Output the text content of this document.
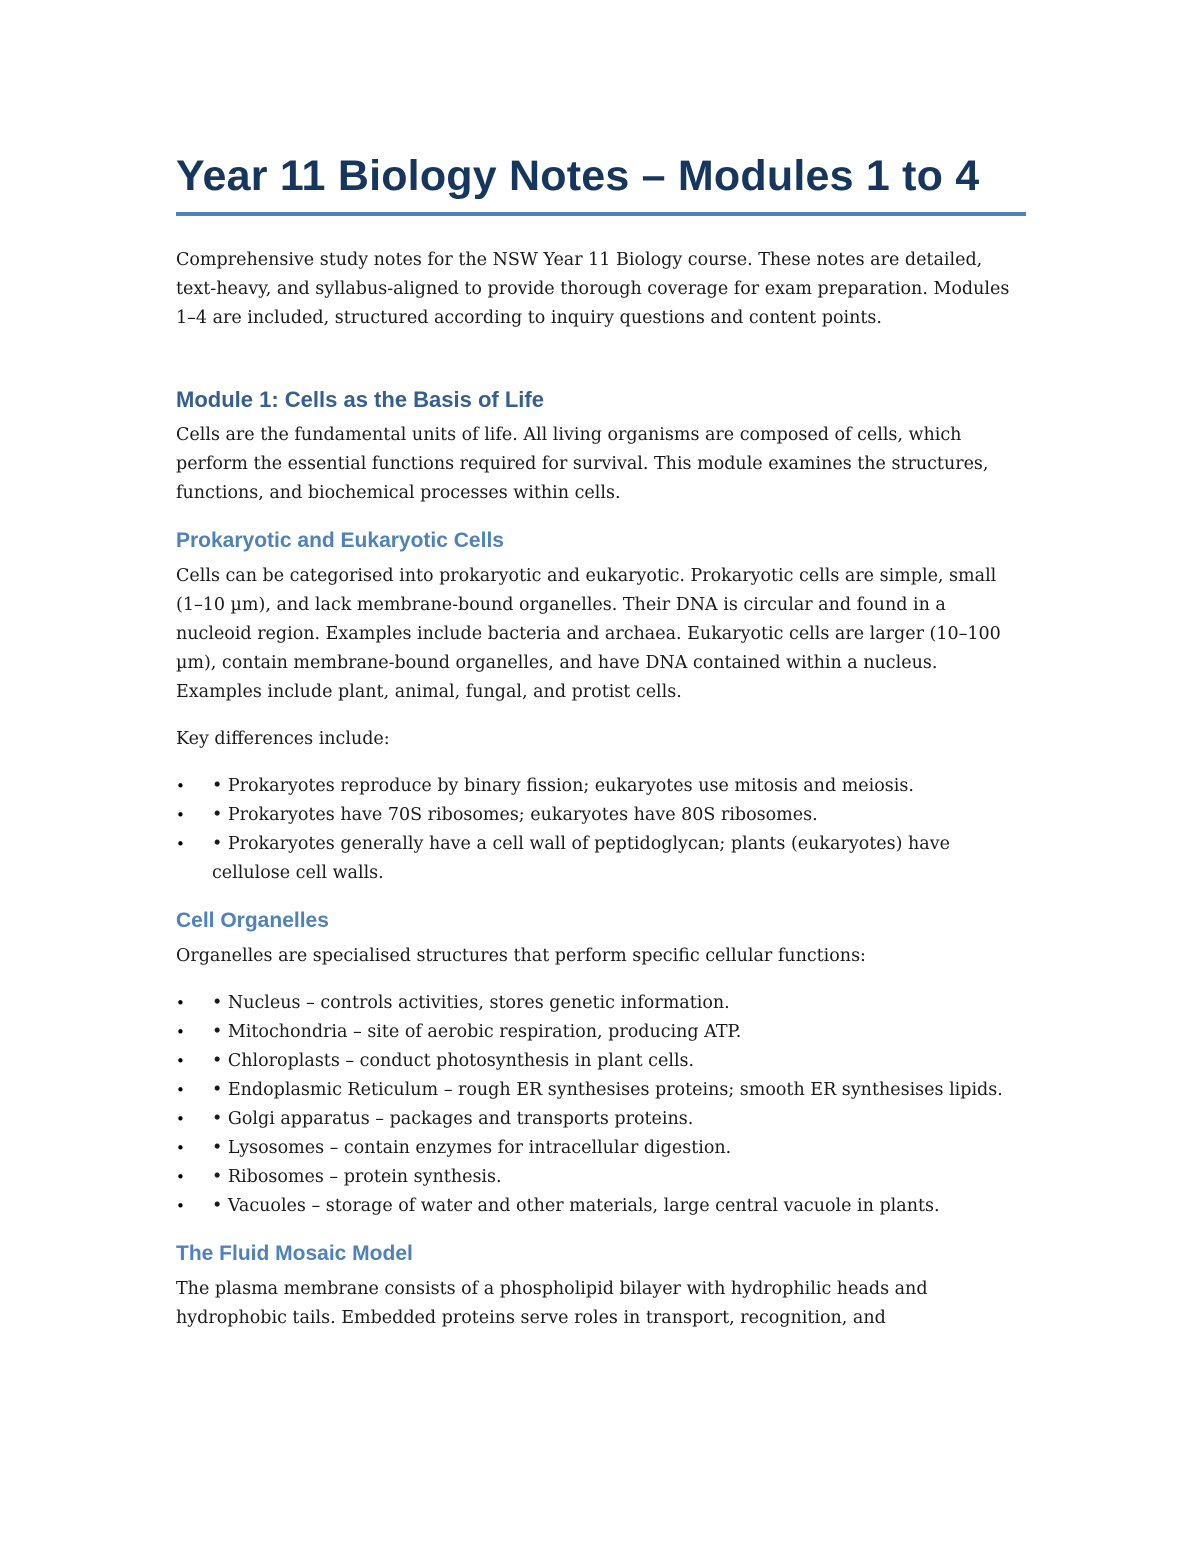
Year 11 Biology Notes – Modules 1 to 4

Comprehensive study notes for the NSW Year 11 Biology course. These notes are detailed, text-heavy, and syllabus-aligned to provide thorough coverage for exam preparation. Modules 1–4 are included, structured according to inquiry questions and content points.

Module 1: Cells as the Basis of Life

Cells are the fundamental units of life. All living organisms are composed of cells, which perform the essential functions required for survival. This module examines the structures, functions, and biochemical processes within cells.

Prokaryotic and Eukaryotic Cells

Cells can be categorised into prokaryotic and eukaryotic. Prokaryotic cells are simple, small (1–10 µm), and lack membrane-bound organelles. Their DNA is circular and found in a nucleoid region. Examples include bacteria and archaea. Eukaryotic cells are larger (10–100 µm), contain membrane-bound organelles, and have DNA contained within a nucleus. Examples include plant, animal, fungal, and protist cells.

Key differences include:

•	• Prokaryotes reproduce by binary fission; eukaryotes use mitosis and meiosis.
•	• Prokaryotes have 70S ribosomes; eukaryotes have 80S ribosomes.
•	• Prokaryotes generally have a cell wall of peptidoglycan; plants (eukaryotes) have cellulose cell walls.
Cell Organelles

Organelles are specialised structures that perform specific cellular functions:

•	• Nucleus – controls activities, stores genetic information.
•	• Mitochondria – site of aerobic respiration, producing ATP.
•	• Chloroplasts – conduct photosynthesis in plant cells.
•	• Endoplasmic Reticulum – rough ER synthesises proteins; smooth ER synthesises lipids.
•	• Golgi apparatus – packages and transports proteins.
•	• Lysosomes – contain enzymes for intracellular digestion.
•	• Ribosomes – protein synthesis.
•	• Vacuoles – storage of water and other materials, large central vacuole in plants.
The Fluid Mosaic Model

The plasma membrane consists of a phospholipid bilayer with hydrophilic heads and hydrophobic tails. Embedded proteins serve roles in transport, recognition, and
